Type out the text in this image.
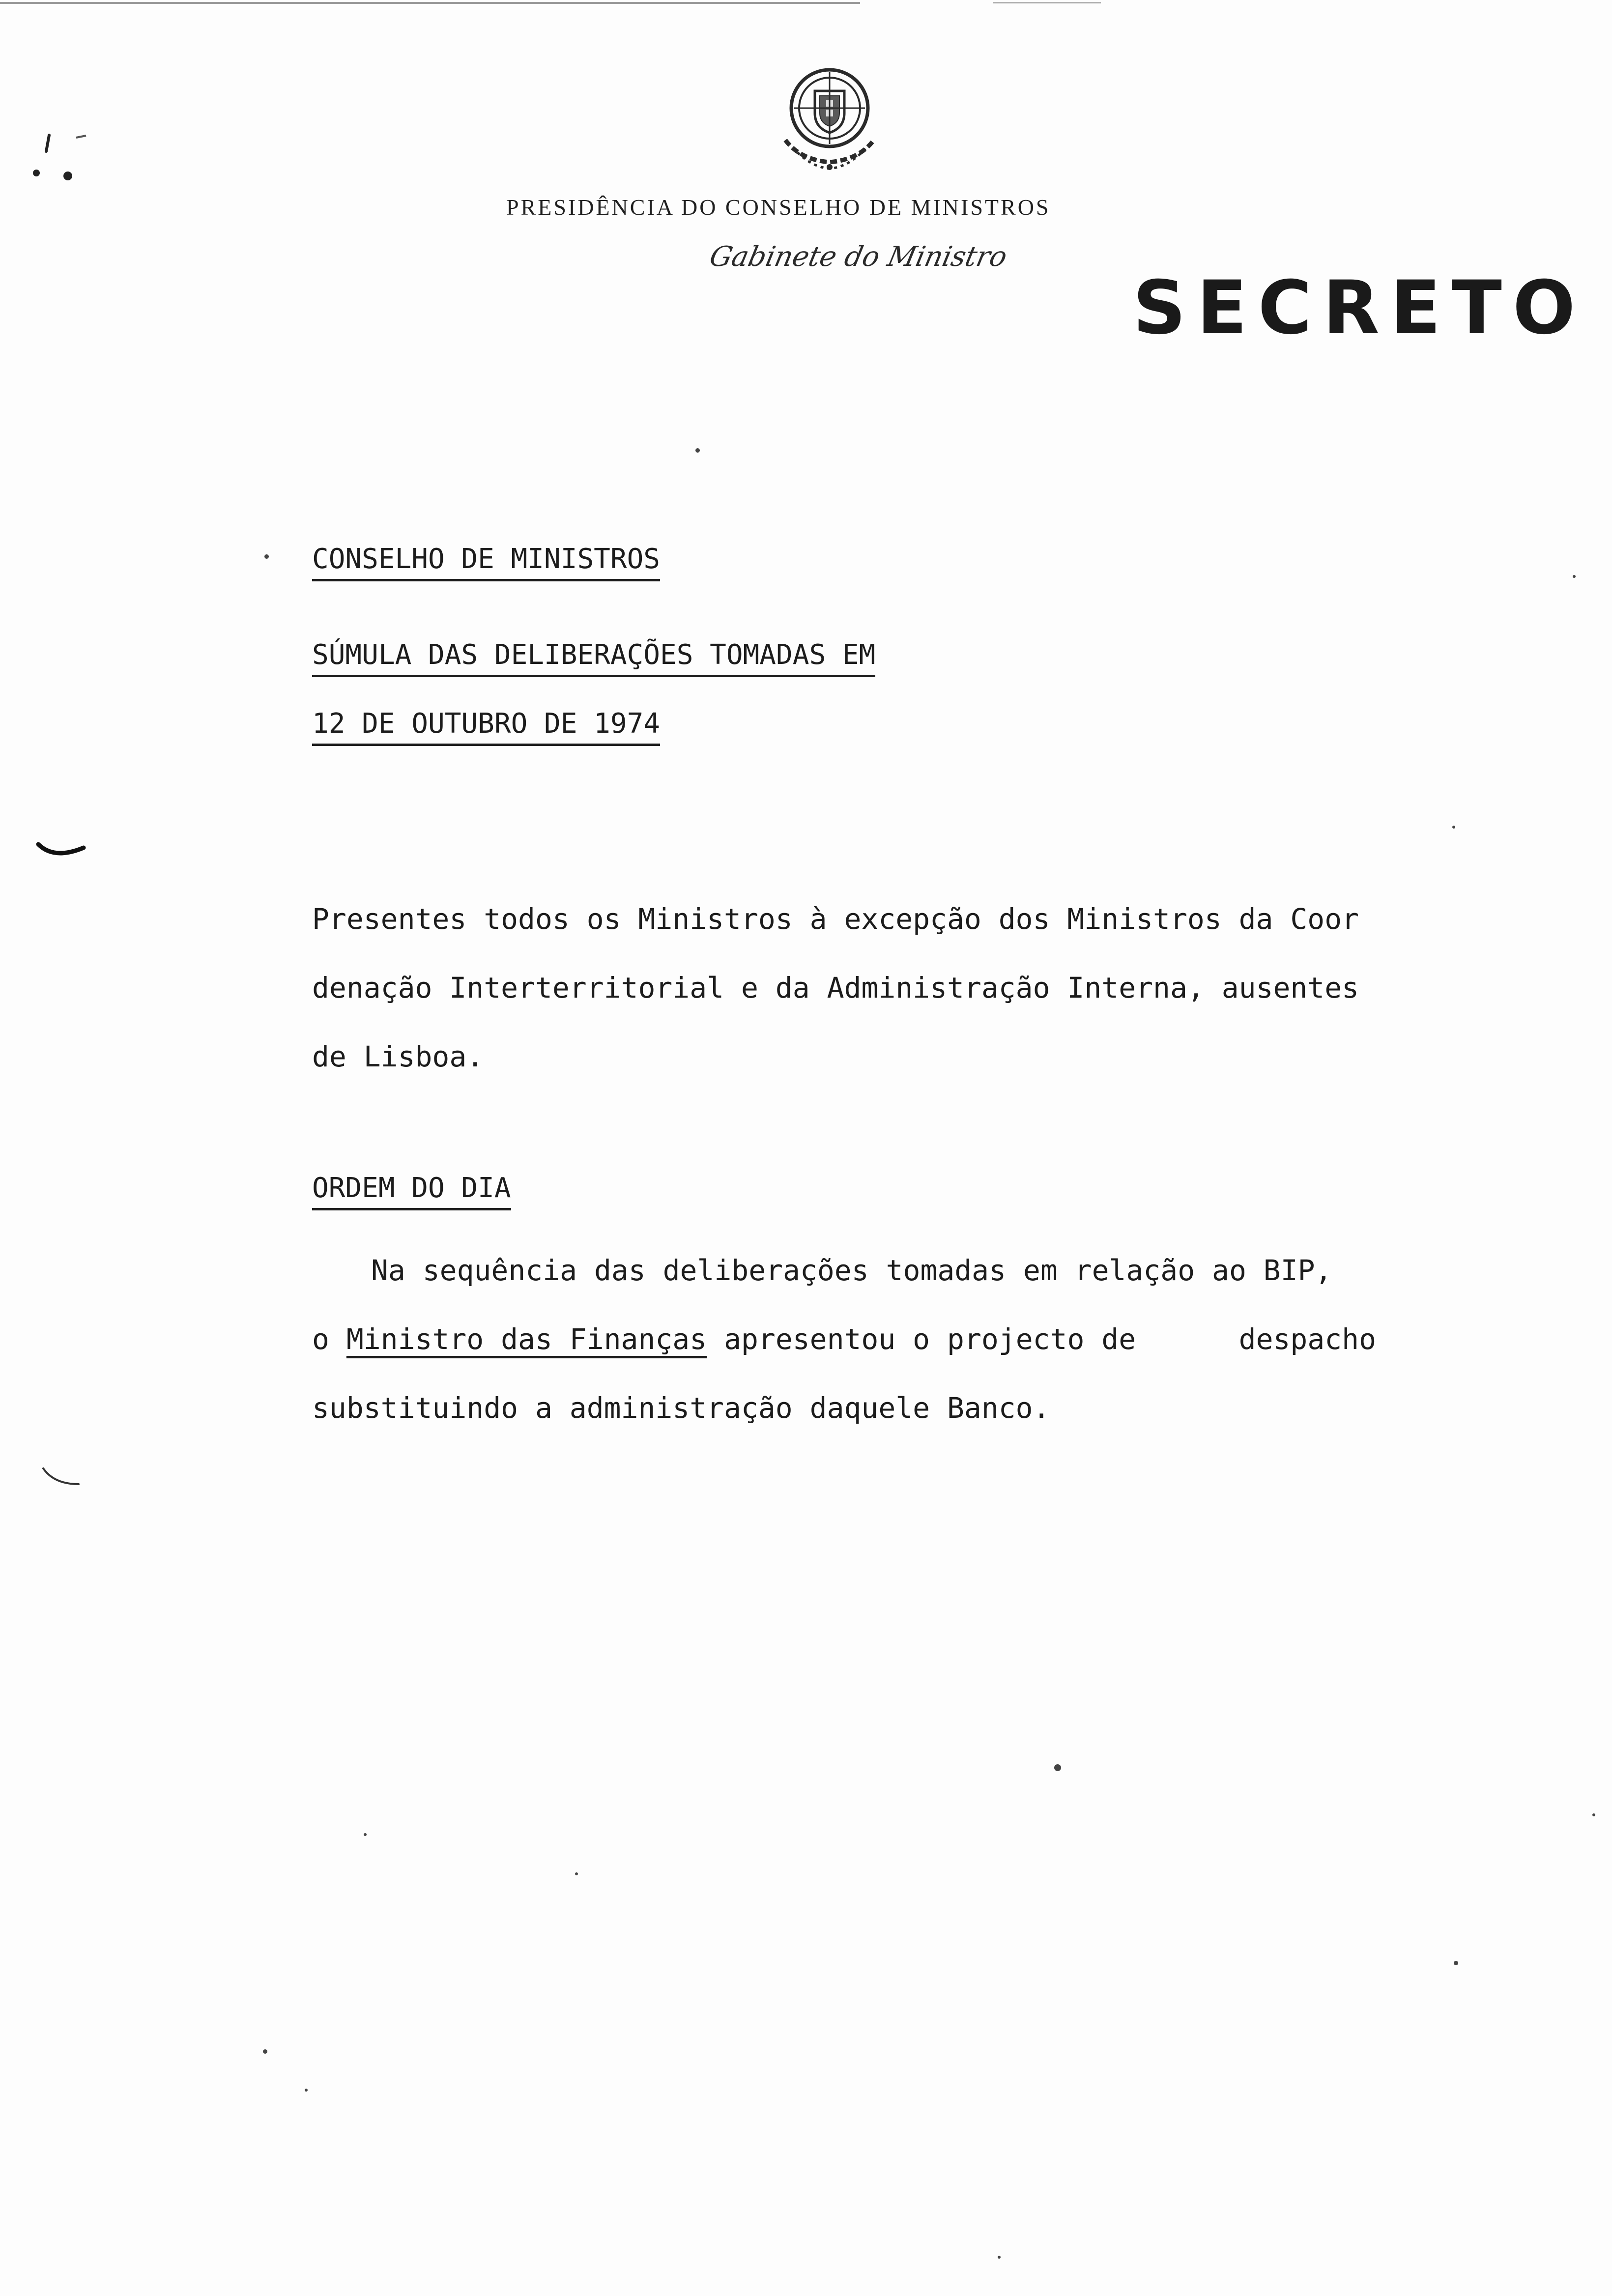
PRESIDÊNCIA DO CONSELHO DE MINISTROS
Gabinete do Ministro
SECRETO
CONSELHO DE MINISTROS
SÚMULA DAS DELIBERAÇÕES TOMADAS EM
12 DE OUTUBRO DE 1974
Presentes todos os Ministros à excepção dos Ministros da Coor
denação Interterritorial e da Administração Interna, ausentes
de Lisboa.
ORDEM DO DIA
Na sequência das deliberações tomadas em relação ao BIP,
o Ministro das Finanças apresentou o projecto de      despacho
substituindo a administração daquele Banco.
